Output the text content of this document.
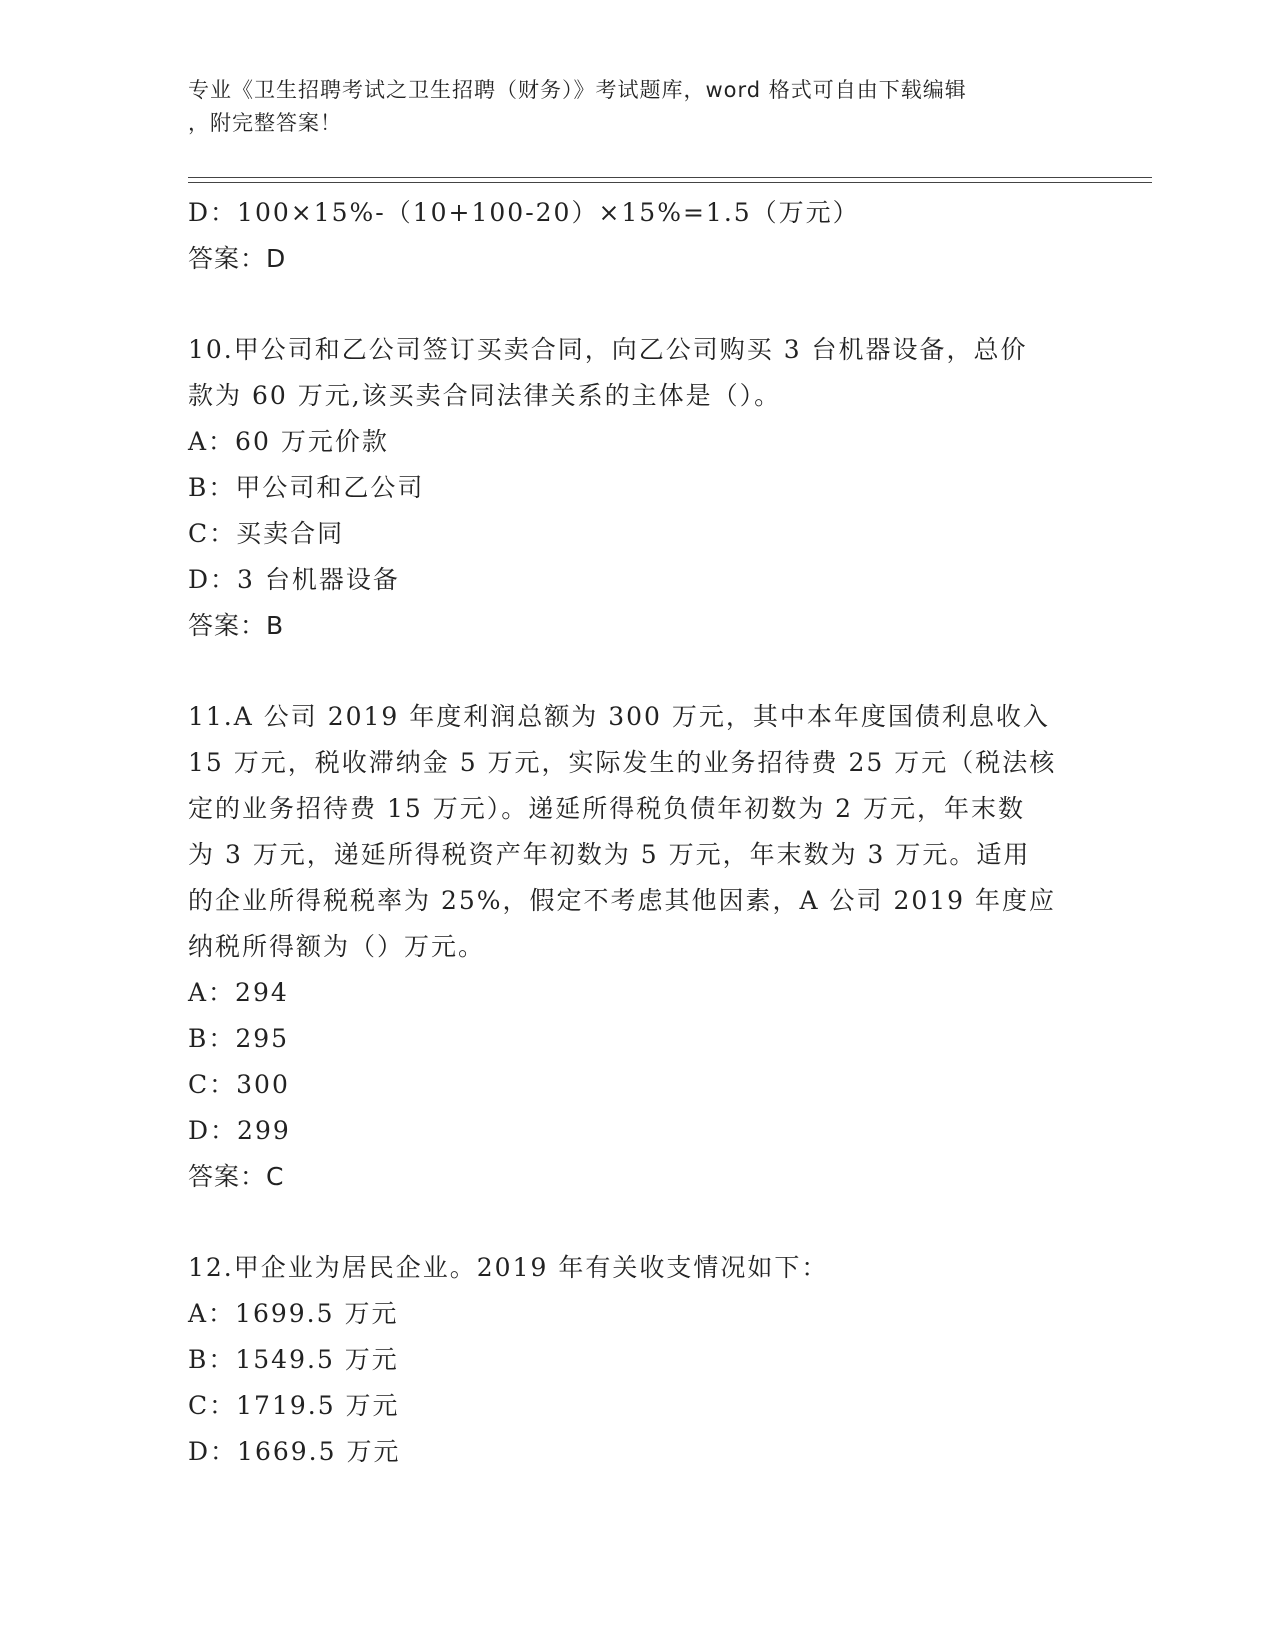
专业《卫生招聘考试之卫生招聘（财务）》考试题库，word 格式可自由下载编辑
，附完整答案！
D：100×15%-（10+100-20）×15%=1.5（万元）
答案：D
10.甲公司和乙公司签订买卖合同，向乙公司购买 3 台机器设备，总价
款为 60 万元,该买卖合同法律关系的主体是（）。
A：60 万元价款
B：甲公司和乙公司
C：买卖合同
D：3 台机器设备
答案：B
11.A 公司 2019 年度利润总额为 300 万元，其中本年度国债利息收入
15 万元，税收滞纳金 5 万元，实际发生的业务招待费 25 万元（税法核
定的业务招待费 15 万元）。递延所得税负债年初数为 2 万元，年末数
为 3 万元，递延所得税资产年初数为 5 万元，年末数为 3 万元。适用
的企业所得税税率为 25%，假定不考虑其他因素，A 公司 2019 年度应
纳税所得额为（）万元。
A：294
B：295
C：300
D：299
答案：C
12.甲企业为居民企业。2019 年有关收支情况如下：
A：1699.5 万元
B：1549.5 万元
C：1719.5 万元
D：1669.5 万元
